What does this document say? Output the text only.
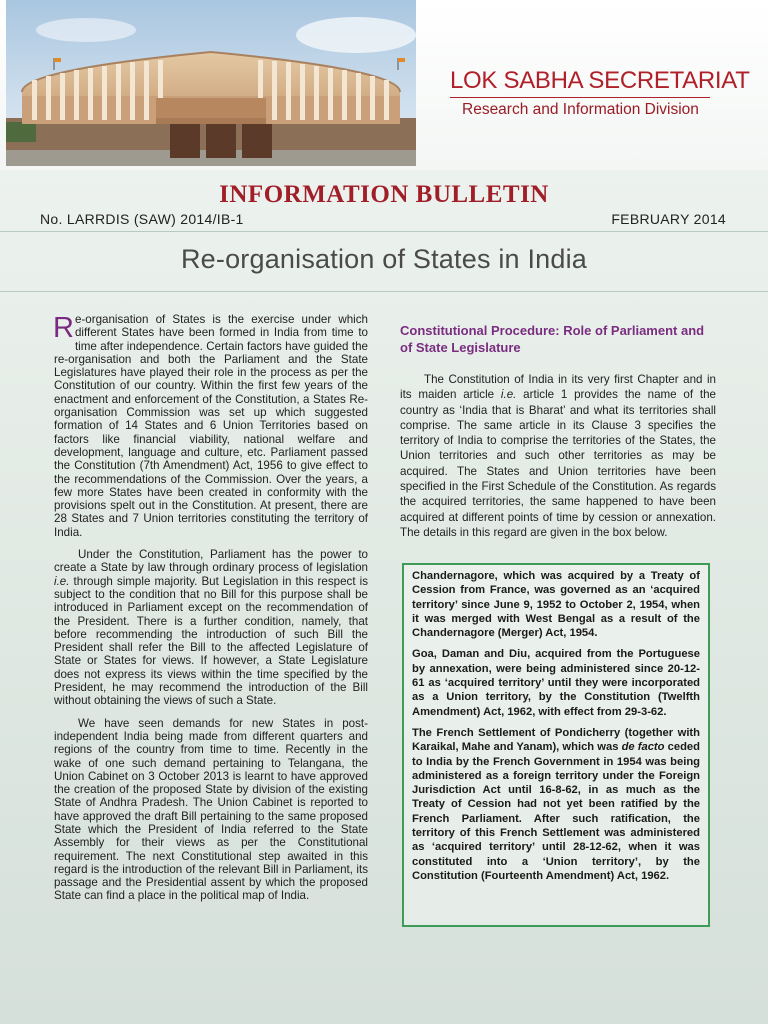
LOK SABHA SECRETARIAT
Research and Information Division
INFORMATION BULLETIN
No. LARRDIS (SAW) 2014/IB-1	FEBRUARY 2014
Re-organisation of States in India

Re-organisation of States is the exercise under which different States have been formed in India from time to time after independence. Certain factors have guided the re-organisation and both the Parliament and the State Legislatures have played their role in the process as per the Constitution of our country. Within the first few years of the enactment and enforcement of the Constitution, a States Re-organisation Commission was set up which suggested formation of 14 States and 6 Union Territories based on factors like financial viability, national welfare and development, language and culture, etc. Parliament passed the Constitution (7th Amendment) Act, 1956 to give effect to the recommendations of the Commission. Over the years, a few more States have been created in conformity with the provisions spelt out in the Constitution. At present, there are 28 States and 7 Union territories constituting the territory of India.

Under the Constitution, Parliament has the power to create a State by law through ordinary process of legislation i.e. through simple majority. But Legislation in this respect is subject to the condition that no Bill for this purpose shall be introduced in Parliament except on the recommendation of the President. There is a further condition, namely, that before recommending the introduction of such Bill the President shall refer the Bill to the affected Legislature of State or States for views. If however, a State Legislature does not express its views within the time specified by the President, he may recommend the introduction of the Bill without obtaining the views of such a State.

We have seen demands for new States in post-independent India being made from different quarters and regions of the country from time to time. Recently in the wake of one such demand pertaining to Telangana, the Union Cabinet on 3 October 2013 is learnt to have approved the creation of the proposed State by division of the existing State of Andhra Pradesh. The Union Cabinet is reported to have approved the draft Bill pertaining to the same proposed State which the President of India referred to the State Assembly for their views as per the Constitutional requirement. The next Constitutional step awaited in this regard is the introduction of the relevant Bill in Parliament, its passage and the Presidential assent by which the proposed State can find a place in the political map of India.

Constitutional Procedure: Role of Parliament and of State Legislature

The Constitution of India in its very first Chapter and in its maiden article i.e. article 1 provides the name of the country as ‘India that is Bharat’ and what its territories shall comprise. The same article in its Clause 3 specifies the territory of India to comprise the territories of the States, the Union territories and such other territories as may be acquired. The States and Union territories have been specified in the First Schedule of the Constitution. As regards the acquired territories, the same happened to have been acquired at different points of time by cession or annexation. The details in this regard are given in the box below.

Chandernagore, which was acquired by a Treaty of Cession from France, was governed as an ‘acquired territory’ since June 9, 1952 to October 2, 1954, when it was merged with West Bengal as a result of the Chandernagore (Merger) Act, 1954.

Goa, Daman and Diu, acquired from the Portuguese by annexation, were being administered since 20-12-61 as ‘acquired territory’ until they were incorporated as a Union territory, by the Constitution (Twelfth Amendment) Act, 1962, with effect from 29-3-62.

The French Settlement of Pondicherry (together with Karaikal, Mahe and Yanam), which was de facto ceded to India by the French Government in 1954 was being administered as a foreign territory under the Foreign Jurisdiction Act until 16-8-62, in as much as the Treaty of Cession had not yet been ratified by the French Parliament. After such ratification, the territory of this French Settlement was administered as ‘acquired territory’ until 28-12-62, when it was constituted into a ‘Union territory’, by the Constitution (Fourteenth Amendment) Act, 1962.
